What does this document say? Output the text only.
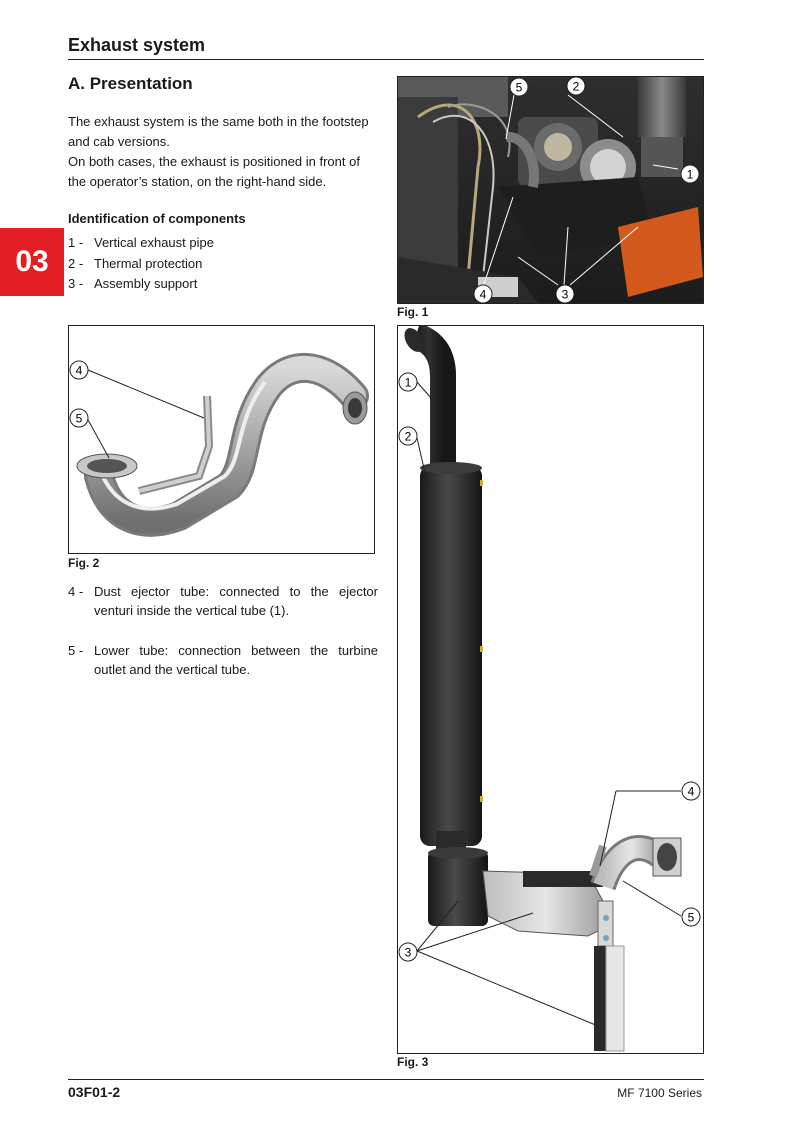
Exhaust system
03
A. Presentation

The exhaust system is the same both in the footstep and cab versions.

On both cases, the exhaust is positioned in front of the operator’s station, on the right-hand side.

Identification of components
1 - Vertical exhaust pipe
2 - Thermal protection
3 - Assembly support
5	2
1
4	3
Fig. 1
4
5
Fig. 2
4 - Dust ejector tube: connected to the ejector venturi inside the vertical tube (1).
5 - Lower tube: connection between the turbine outlet and the vertical tube.
1
2
4
5
3
Fig. 3
03F01-2	MF 7100 Series
